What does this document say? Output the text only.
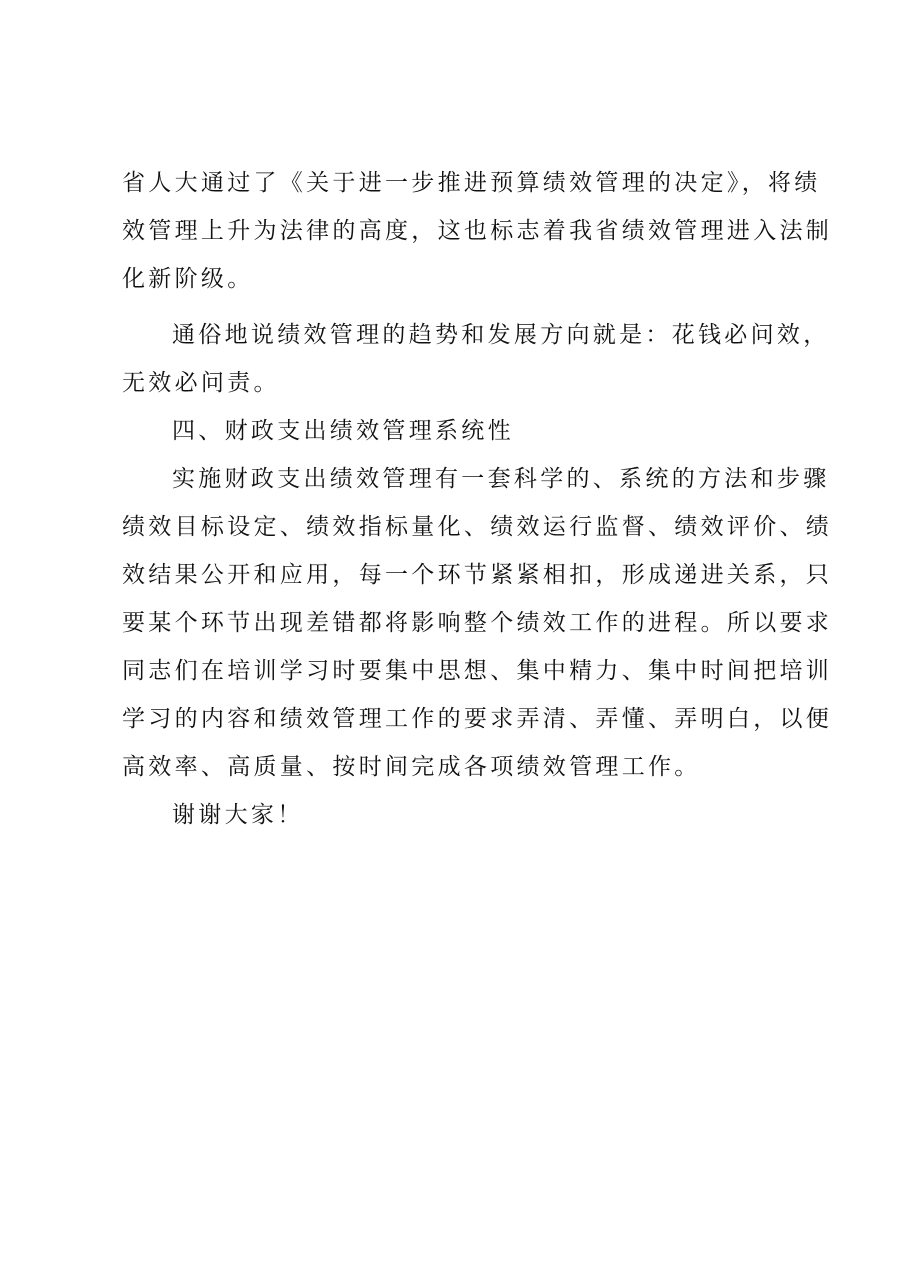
省人大通过了《关于进一步推进预算绩效管理的决定》，将绩
效管理上升为法律的高度，这也标志着我省绩效管理进入法制
化新阶级。
通俗地说绩效管理的趋势和发展方向就是：花钱必问效，
无效必问责。
四、财政支出绩效管理系统性
实施财政支出绩效管理有一套科学的、系统的方法和步骤
绩效目标设定、绩效指标量化、绩效运行监督、绩效评价、绩
效结果公开和应用，每一个环节紧紧相扣，形成递进关系，只
要某个环节出现差错都将影响整个绩效工作的进程。所以要求
同志们在培训学习时要集中思想、集中精力、集中时间把培训
学习的内容和绩效管理工作的要求弄清、弄懂、弄明白，以便
高效率、高质量、按时间完成各项绩效管理工作。
谢谢大家！
